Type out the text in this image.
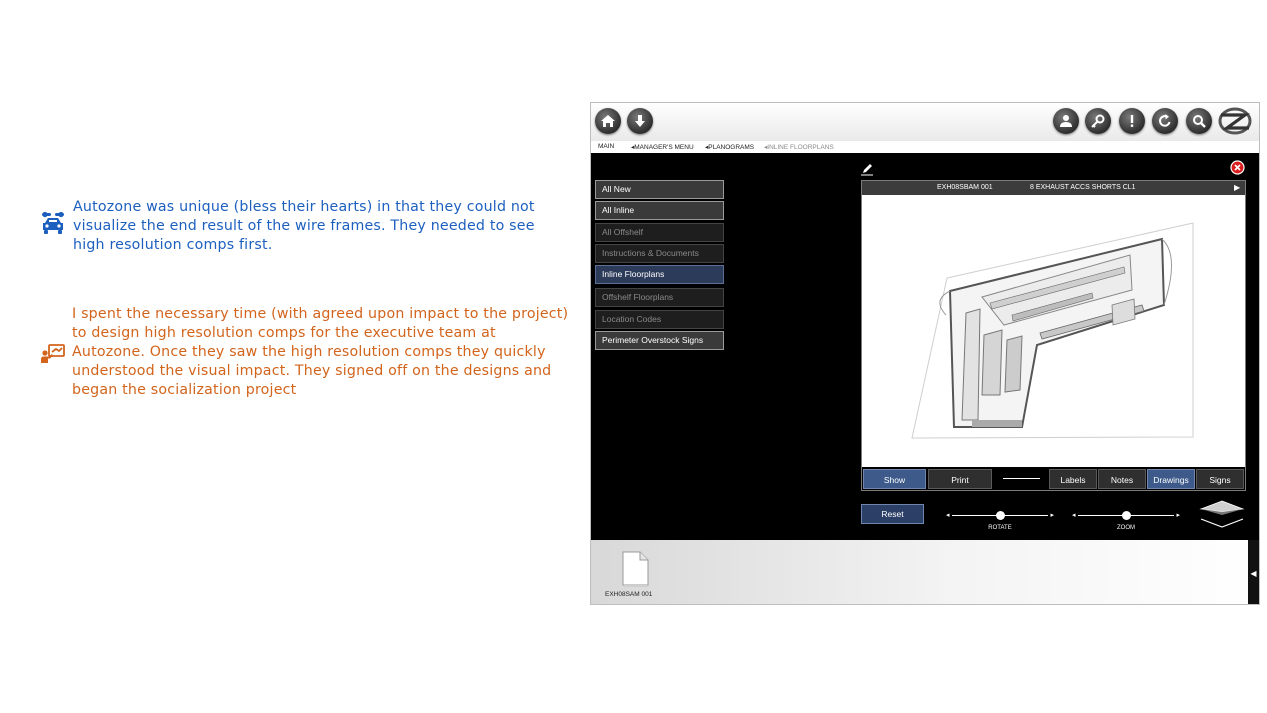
Autozone was unique (bless their hearts) in that they could not visualize the end result of the wire frames. They needed to see high resolution comps first.

I spent the necessary time (with agreed upon impact to the project) to design high resolution comps for the executive team at Autozone. Once they saw the high resolution comps they quickly understood the visual impact. They signed off on the designs and began the socialization project

MAIN	◂MANAGER'S MENU ◂PLANOGRAMS ◂INLINE FLOORPLANS
All New
All Inline
All Offshelf
Instructions & Documents
Inline Floorplans
Offshelf Floorplans
Location Codes
Perimeter Overstock Signs
EXH08SBAM 001	8 EXHAUST ACCS SHORTS CL1	▶
Show	Print	Labels	Notes	Drawings	Signs
Reset	◂	▸
ROTATE
◂	▸
ZOOM
EXH08SAM 001
◀
